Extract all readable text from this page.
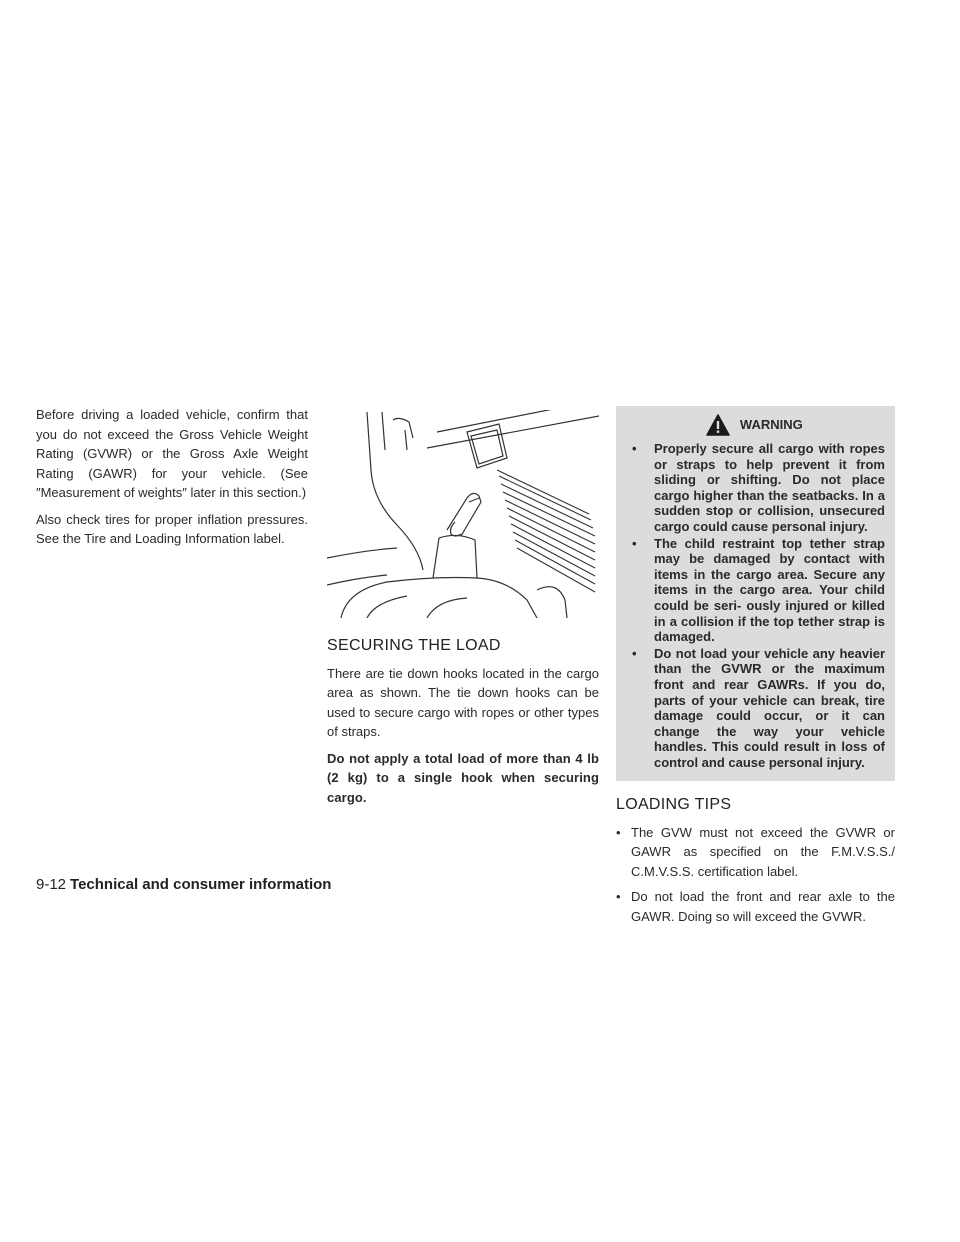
Before driving a loaded vehicle, confirm that you do not exceed the Gross Vehicle Weight Rating (GVWR) or the Gross Axle Weight Rating (GAWR) for your vehicle. (See ″Measurement of weights″ later in this section.)

Also check tires for proper inflation pressures. See the Tire and Loading Information label.

SECURING THE LOAD

There are tie down hooks located in the cargo area as shown. The tie down hooks can be used to secure cargo with ropes or other types of straps.

Do not apply a total load of more than 4 lb (2 kg) to a single hook when securing cargo.

WARNING
• Properly secure all cargo with ropes or straps to help prevent it from sliding or shifting. Do not place cargo higher than the seatbacks. In a sudden stop or collision, unsecured cargo could cause personal injury.
• The child restraint top tether strap may be damaged by contact with items in the cargo area. Secure any items in the cargo area. Your child could be seri- ously injured or killed in a collision if the top tether strap is damaged.
• Do not load your vehicle any heavier than the GVWR or the maximum front and rear GAWRs. If you do, parts of your vehicle can break, tire damage could occur, or it can change the way your vehicle handles. This could result in loss of control and cause personal injury.
LOADING TIPS
• The GVW must not exceed the GVWR or GAWR as specified on the F.M.V.S.S./ C.M.V.S.S. certification label.
• Do not load the front and rear axle to the GAWR. Doing so will exceed the GVWR.
9-12 Technical and consumer information
